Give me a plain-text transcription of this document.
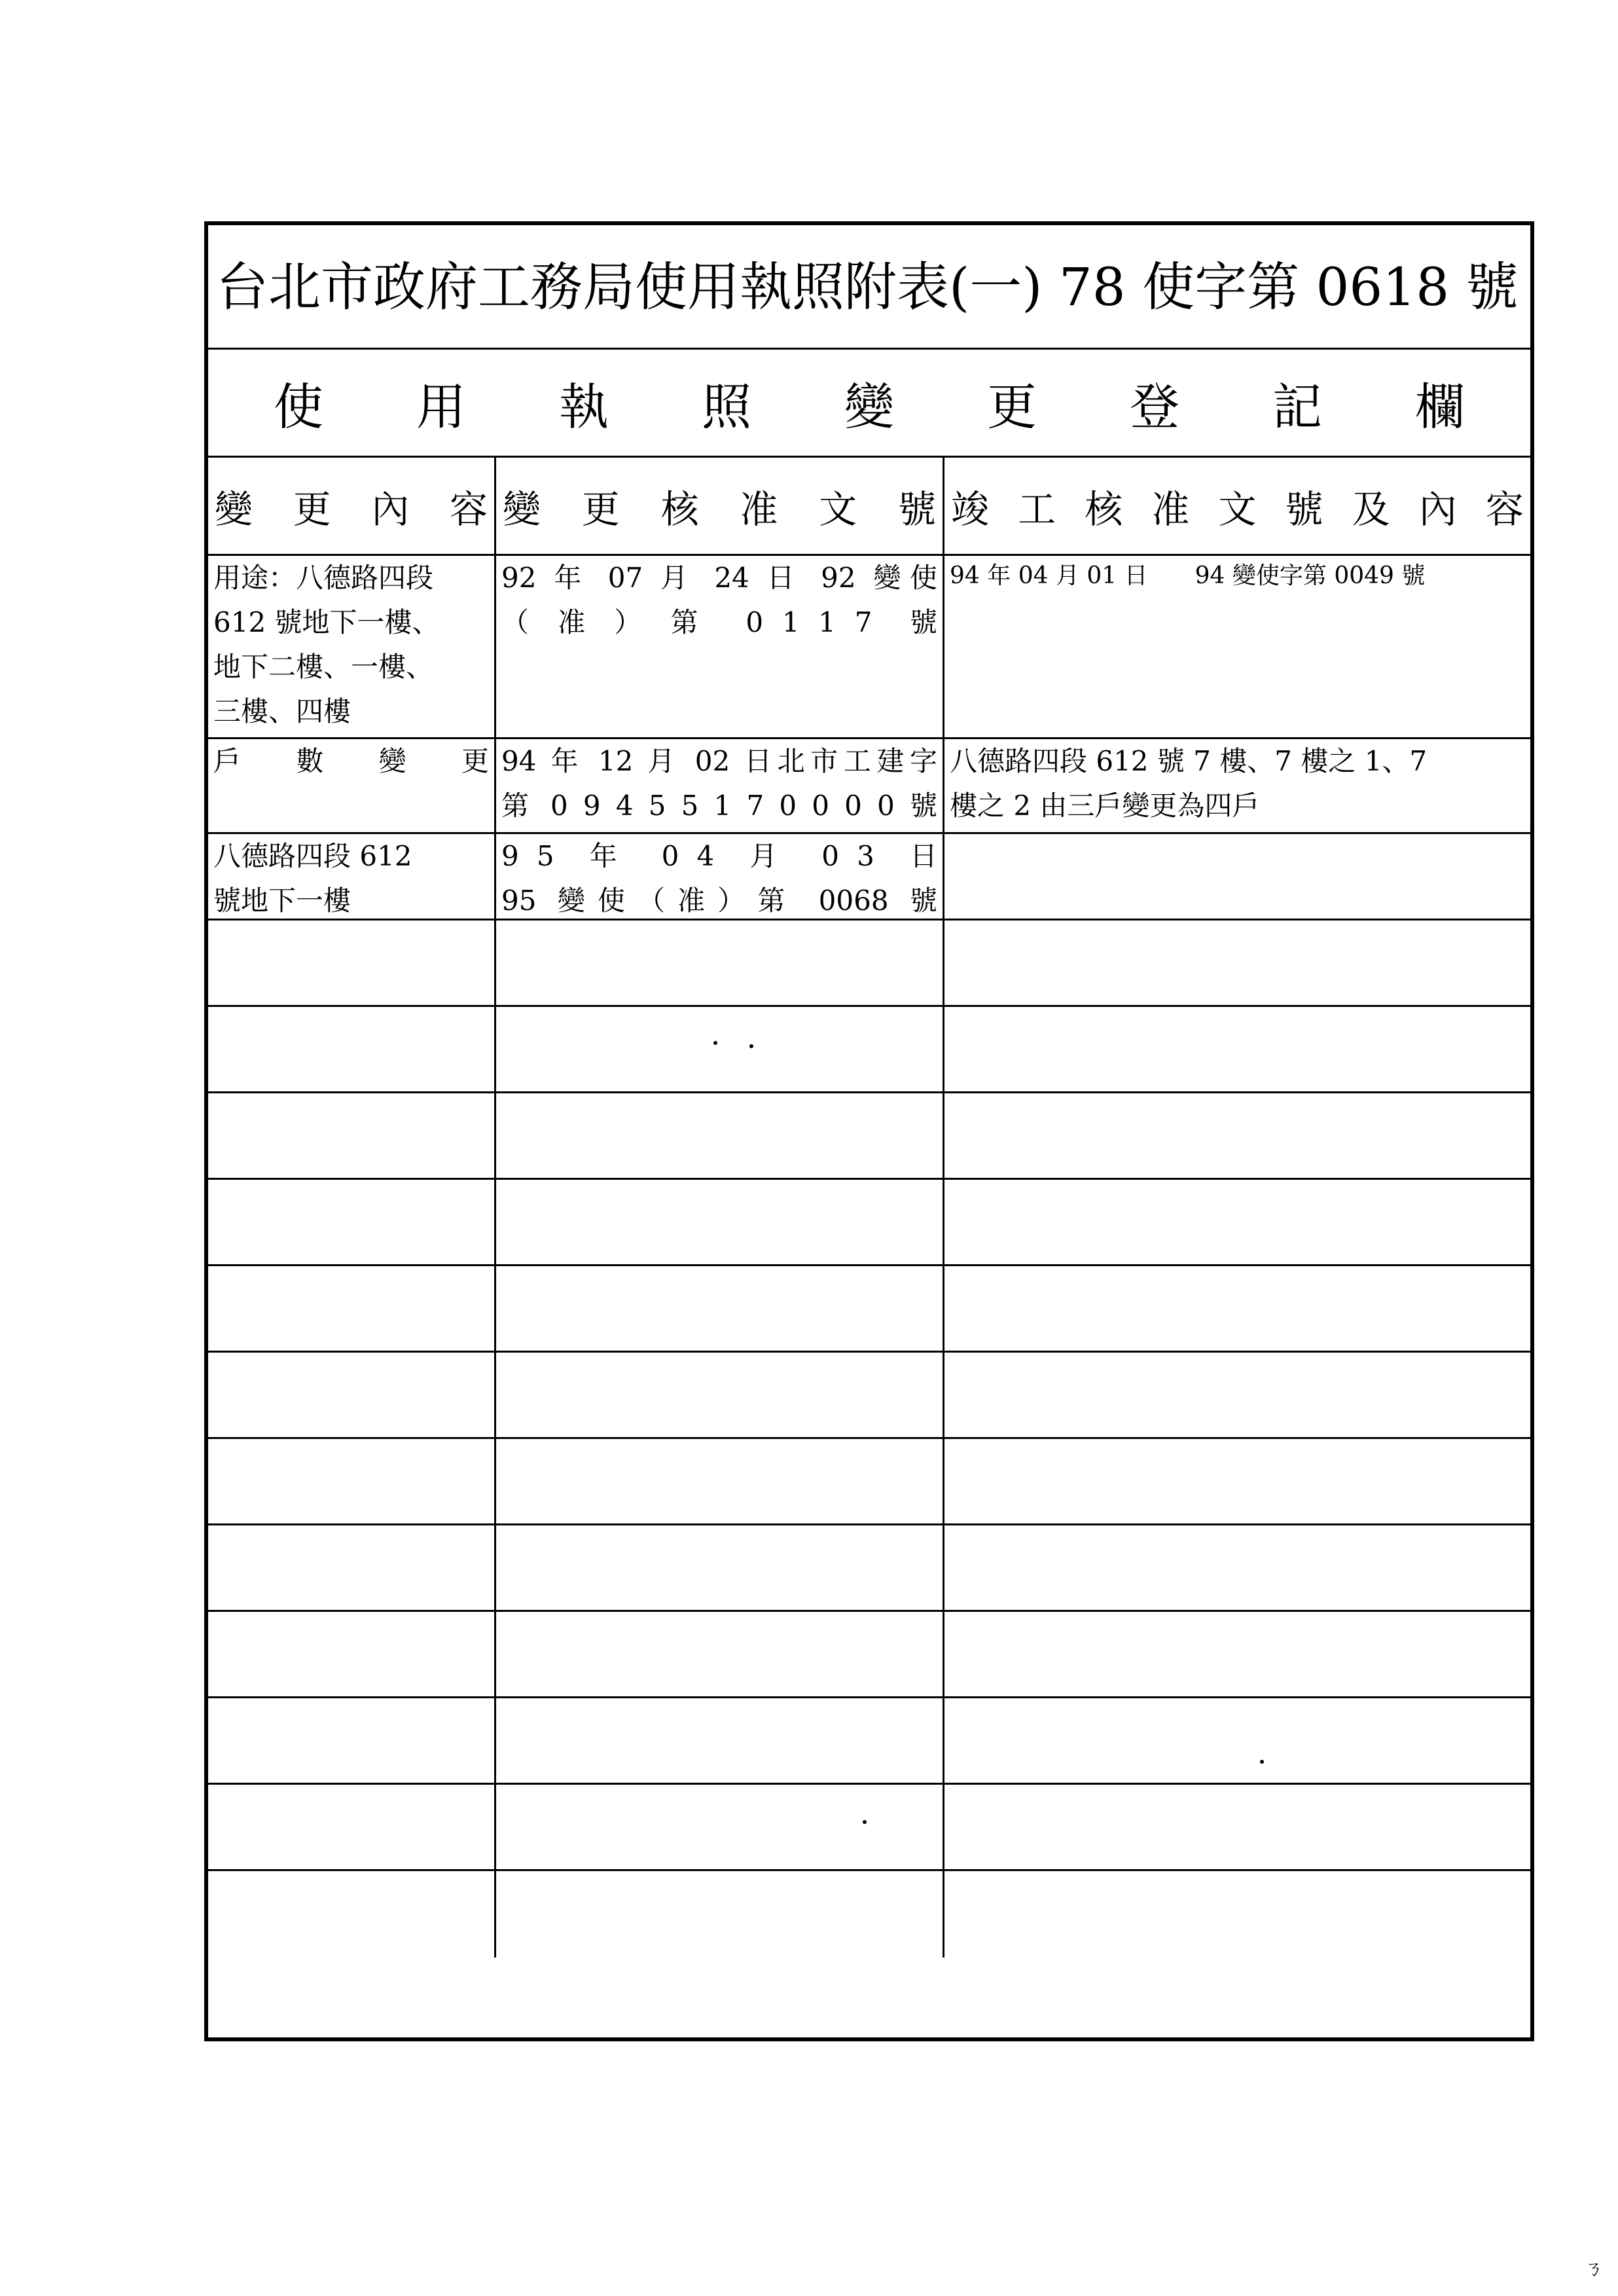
台北市政府工務局使用執照附表(一) 78 使字第 0618 號
使 用 執 照 變 更 登 記 欄
變 更 內 容 變 更 核 准 文 號 竣 工 核 准 文 號 及 內 容
用途：八德路四段
612 號地下一樓、
地下二樓、一樓、
三樓、四樓
92 年 07 月 24 日 92 變使
（ 准 ） 第  0 1 1 7  號
94 年 04 月 01 日　　94 變使字第 0049 號
戶　數　變　更 94 年 12 月 02 日北市工建字
第 0 9 4 5 5 1 7 0 0 0 0 號
八德路四段 612 號 7 樓、7 樓之 1、7
樓之 2 由三戶變更為四戶
八德路四段 612
號地下一樓
9 5  年  0 4  月  0 3  日
95 變使（准）第 0068 號
ㄋ
